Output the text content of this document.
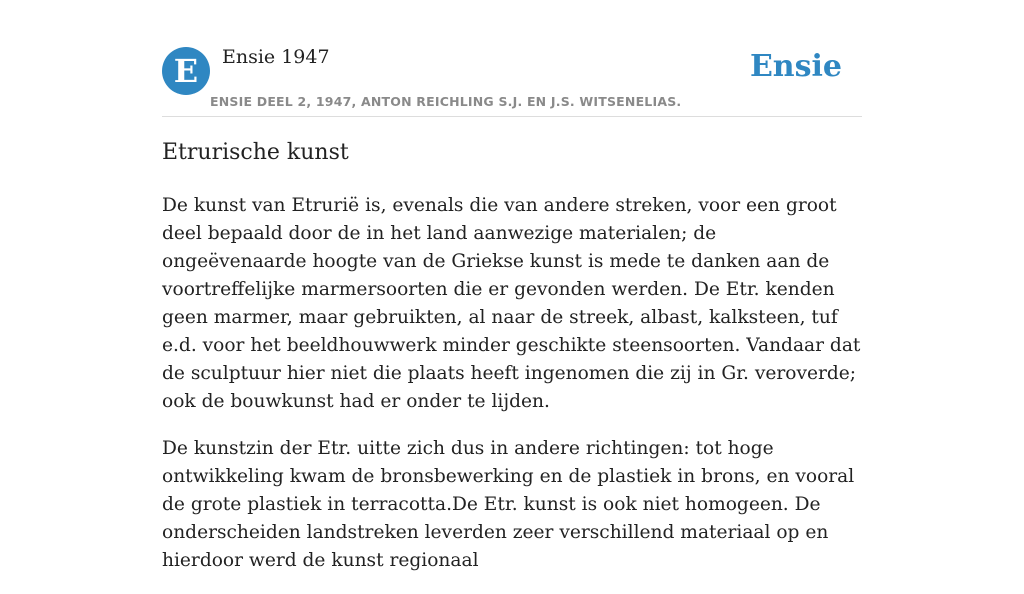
E	Ensie 1947
ENSIE DEEL 2, 1947, ANTON REICHLING S.J. EN J.S. WITSENELIAS.
Ensie
Etrurische kunst

De kunst van Etrurië is, evenals die van andere streken, voor een groot deel bepaald door de in het land aanwezige materialen; de ongeëvenaarde hoogte van de Griekse kunst is mede te danken aan de voortreffelijke marmersoorten die er gevonden werden. De Etr. kenden geen marmer, maar gebruikten, al naar de streek, albast, kalksteen, tuf e.d. voor het beeldhouwwerk minder geschikte steensoorten. Vandaar dat de sculptuur hier niet die plaats heeft ingenomen die zij in Gr. veroverde; ook de bouwkunst had er onder te lijden.

De kunstzin der Etr. uitte zich dus in andere richtingen: tot hoge ontwikkeling kwam de bronsbewerking en de plastiek in brons, en vooral de grote plastiek in terracotta.De Etr. kunst is ook niet homogeen. De onderscheiden landstreken leverden zeer verschillend materiaal op en hierdoor werd de kunst regionaal
